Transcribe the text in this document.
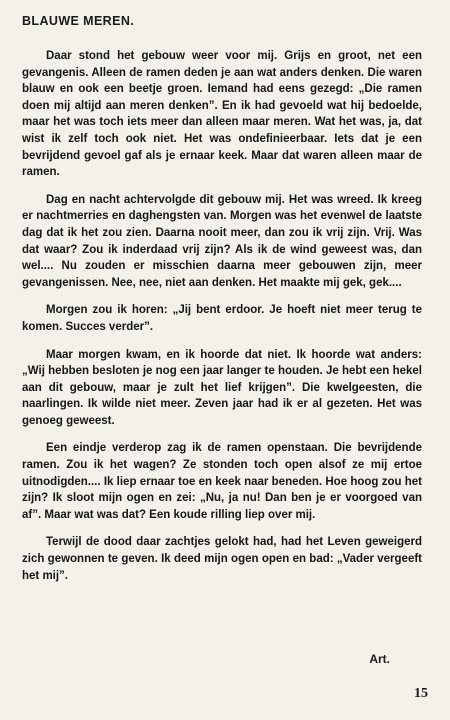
BLAUWE MEREN.

Daar stond het gebouw weer voor mij. Grijs en groot, net een gevangenis. Alleen de ramen deden je aan wat anders denken. Die waren blauw en ook een beetje groen. Iemand had eens gezegd: „Die ramen doen mij altijd aan meren denken”. En ik had gevoeld wat hij bedoelde, maar het was toch iets meer dan alleen maar meren. Wat het was, ja, dat wist ik zelf toch ook niet. Het was ondefinieerbaar. Iets dat je een bevrijdend gevoel gaf als je ernaar keek. Maar dat waren alleen maar de ramen.

Dag en nacht achtervolgde dit gebouw mij. Het was wreed. Ik kreeg er nachtmerries en daghengsten van. Morgen was het evenwel de laatste dag dat ik het zou zien. Daarna nooit meer, dan zou ik vrij zijn. Vrij. Was dat waar? Zou ik inderdaad vrij zijn? Als ik de wind geweest was, dan wel.... Nu zouden er misschien daarna meer gebouwen zijn, meer gevangenissen. Nee, nee, niet aan denken. Het maakte mij gek, gek....

Morgen zou ik horen: „Jij bent erdoor. Je hoeft niet meer terug te komen. Succes verder”.

Maar morgen kwam, en ik hoorde dat niet. Ik hoorde wat anders: „Wij hebben besloten je nog een jaar langer te houden. Je hebt een hekel aan dit gebouw, maar je zult het lief krijgen”. Die kwelgeesten, die naarlingen. Ik wilde niet meer. Zeven jaar had ik er al gezeten. Het was genoeg geweest.

Een eindje verderop zag ik de ramen openstaan. Die bevrijdende ramen. Zou ik het wagen? Ze stonden toch open alsof ze mij ertoe uitnodigden.... Ik liep ernaar toe en keek naar beneden. Hoe hoog zou het zijn? Ik sloot mijn ogen en zei: „Nu, ja nu! Dan ben je er voorgoed van af”. Maar wat was dat? Een koude rilling liep over mij.

Terwijl de dood daar zachtjes gelokt had, had het Leven geweigerd zich gewonnen te geven. Ik deed mijn ogen open en bad: „Vader vergeeft het mij”.

Art.
15
